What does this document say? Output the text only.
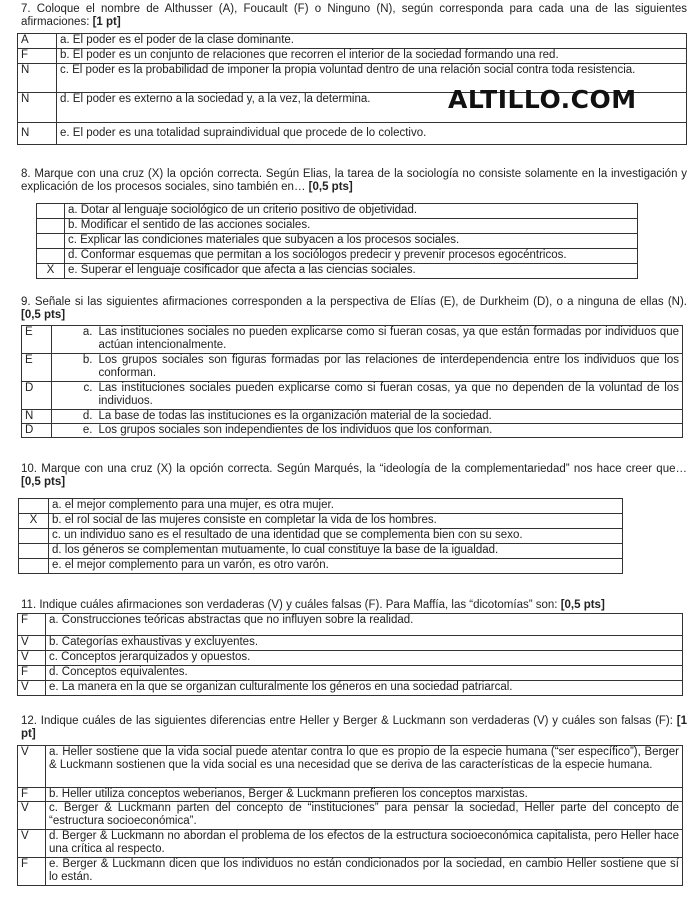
7. Coloque el nombre de Althusser (A), Foucault (F) o Ninguno (N), según corresponda para cada una de las siguientes afirmaciones: [1 pt]
A	a. El poder es el poder de la clase dominante.
F	b. El poder es un conjunto de relaciones que recorren el interior de la sociedad formando una red.
N	c. El poder es la probabilidad de imponer la propia voluntad dentro de una relación social contra toda resistencia.
N	d. El poder es externo a la sociedad y, a la vez, la determina.
N	e. El poder es una totalidad supraindividual que procede de lo colectivo.
ALTILLO.COM
8. Marque con una cruz (X) la opción correcta. Según Elias, la tarea de la sociología no consiste solamente en la investigación y explicación de los procesos sociales, sino también en… [0,5 pts]
	a. Dotar al lenguaje sociológico de un criterio positivo de objetividad.
	b. Modificar el sentido de las acciones sociales.
	c. Explicar las condiciones materiales que subyacen a los procesos sociales.
	d. Conformar esquemas que permitan a los sociólogos predecir y prevenir procesos egocéntricos.
X	e. Superar el lenguaje cosificador que afecta a las ciencias sociales.
9. Señale si las siguientes afirmaciones corresponden a la perspectiva de Elías (E), de Durkheim (D), o a ninguna de ellas (N). [0,5 pts]
E	a.	Las instituciones sociales no pueden explicarse como si fueran cosas, ya que están formadas por individuos que actúan intencionalmente.
E	b.	Los grupos sociales son figuras formadas por las relaciones de interdependencia entre los individuos que los conforman.
D	c.	Las instituciones sociales pueden explicarse como si fueran cosas, ya que no dependen de la voluntad de los individuos.
N	d.	La base de todas las instituciones es la organización material de la sociedad.
D	e.	Los grupos sociales son independientes de los individuos que los conforman.
10. Marque con una cruz (X) la opción correcta. Según Marqués, la “ideología de la complementariedad” nos hace creer que… [0,5 pts]
	a. el mejor complemento para una mujer, es otra mujer.
X	b. el rol social de las mujeres consiste en completar la vida de los hombres.
	c. un individuo sano es el resultado de una identidad que se complementa bien con su sexo.
	d. los géneros se complementan mutuamente, lo cual constituye la base de la igualdad.
	e. el mejor complemento para un varón, es otro varón.
11. Indique cuáles afirmaciones son verdaderas (V) y cuáles falsas (F). Para Maffía, las “dicotomías” son: [0,5 pts]
F	a. Construcciones teóricas abstractas que no influyen sobre la realidad.
V	b. Categorías exhaustivas y excluyentes.
V	c. Conceptos jerarquizados y opuestos.
F	d. Conceptos equivalentes.
V	e. La manera en la que se organizan culturalmente los géneros en una sociedad patriarcal.
12. Indique cuáles de las siguientes diferencias entre Heller y Berger & Luckmann son verdaderas (V) y cuáles son falsas (F): [1 pt]
V	a. Heller sostiene que la vida social puede atentar contra lo que es propio de la especie humana (“ser específico”), Berger & Luckmann sostienen que la vida social es una necesidad que se deriva de las características de la especie humana.
F	b. Heller utiliza conceptos weberianos, Berger & Luckmann prefieren los conceptos marxistas.
V	c. Berger & Luckmann parten del concepto de “instituciones” para pensar la sociedad, Heller parte del concepto de “estructura socioeconómica”.
V	d. Berger & Luckmann no abordan el problema de los efectos de la estructura socioeconómica capitalista, pero Heller hace una crítica al respecto.
F	e. Berger & Luckmann dicen que los individuos no están condicionados por la sociedad, en cambio Heller sostiene que sí lo están.
